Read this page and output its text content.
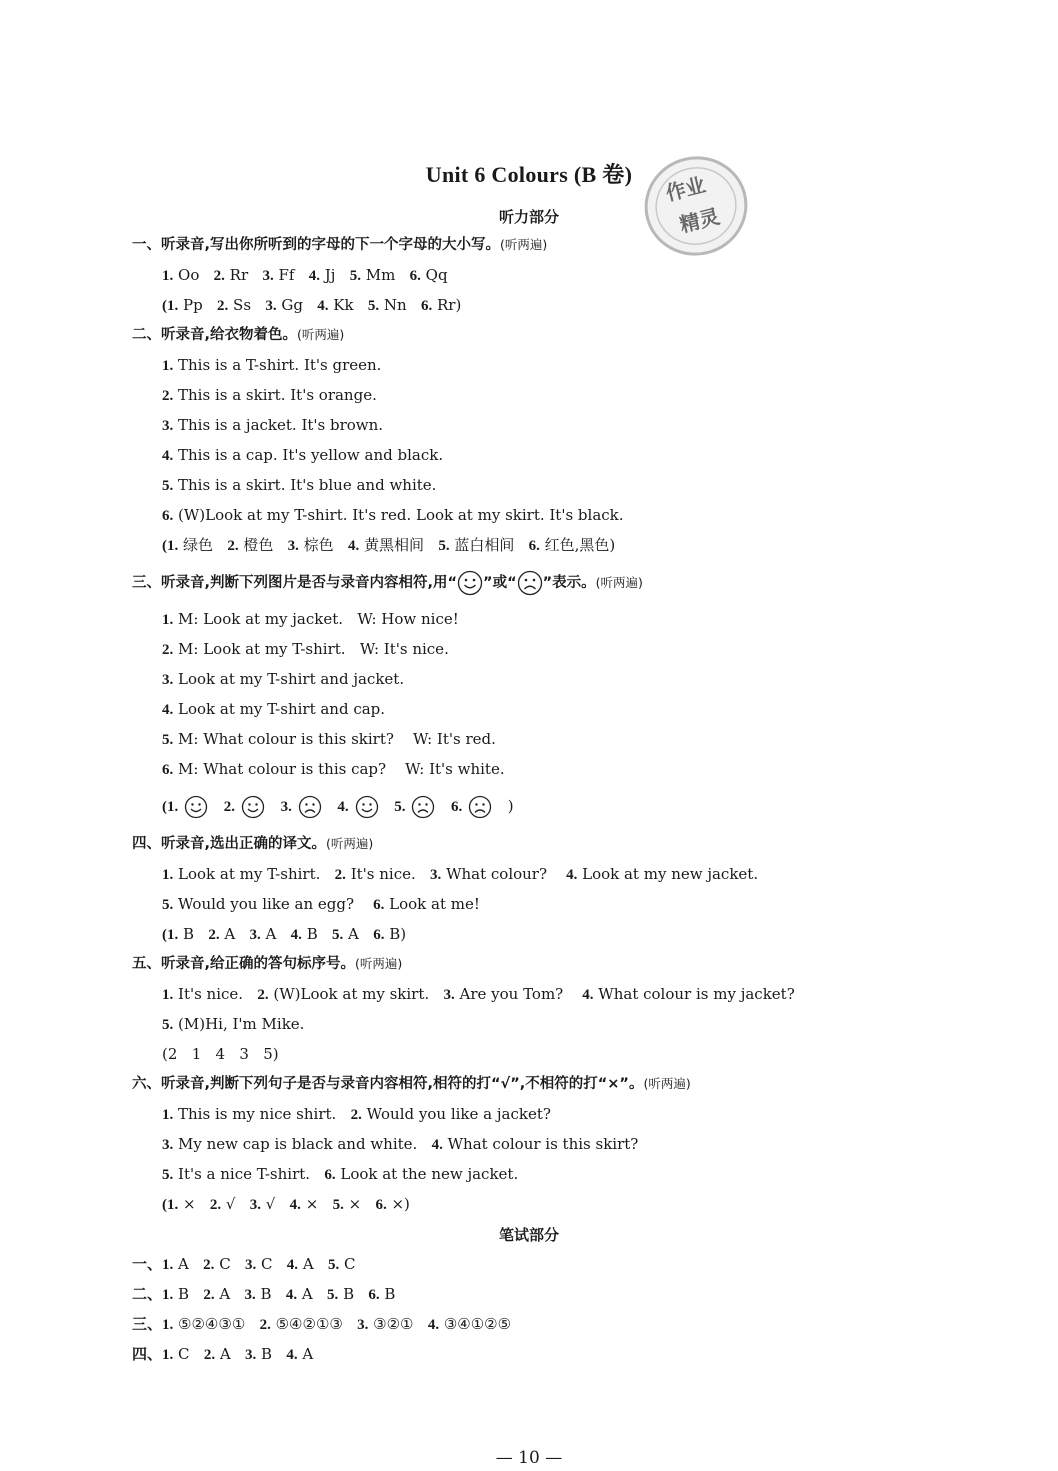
作业
精灵
Unit 6 Colours (B 卷)
听力部分
一、听录音,写出你所听到的字母的下一个字母的大小写。(听两遍)
1. Oo   2. Rr   3. Ff   4. Jj   5. Mm   6. Qq
(1. Pp   2. Ss   3. Gg   4. Kk   5. Nn   6. Rr)
二、听录音,给衣物着色。(听两遍)
1. This is a T-shirt. It's green.
2. This is a skirt. It's orange.
3. This is a jacket. It's brown.
4. This is a cap. It's yellow and black.
5. This is a skirt. It's blue and white.
6. (W)Look at my T-shirt. It's red. Look at my skirt. It's black.
(1. 绿色   2. 橙色   3. 棕色   4. 黄黑相间   5. 蓝白相间   6. 红色,黑色)
三、听录音,判断下列图片是否与录音内容相符,用“ ”或“ ”表示。(听两遍)
1. M: Look at my jacket.   W: How nice!
2. M: Look at my T-shirt.   W: It's nice.
3. Look at my T-shirt and jacket.
4. Look at my T-shirt and cap.
5. M: What colour is this skirt?    W: It's red.
6. M: What colour is this cap?    W: It's white.
(1.	2.	3.	4.	5.	6.	)
四、听录音,选出正确的译文。(听两遍)
1. Look at my T-shirt.   2. It's nice.   3. What colour?    4. Look at my new jacket.
5. Would you like an egg?    6. Look at me!
(1. B   2. A   3. A   4. B   5. A   6. B)
五、听录音,给正确的答句标序号。(听两遍)
1. It's nice.   2. (W)Look at my skirt.   3. Are you Tom?    4. What colour is my jacket?
5. (M)Hi, I'm Mike.
(2   1   4   3   5)
六、听录音,判断下列句子是否与录音内容相符,相符的打“√”,不相符的打“×”。(听两遍)
1. This is my nice shirt.   2. Would you like a jacket?
3. My new cap is black and white.   4. What colour is this skirt?
5. It's a nice T-shirt.   6. Look at the new jacket.
(1. ×   2. √   3. √   4. ×   5. ×   6. ×)
笔试部分
一、1. A   2. C   3. C   4. A   5. C
二、1. B   2. A   3. B   4. A   5. B   6. B
三、1. ⑤②④③①   2. ⑤④②①③   3. ③②①   4. ③④①②⑤
四、1. C   2. A   3. B   4. A
— 10 —
